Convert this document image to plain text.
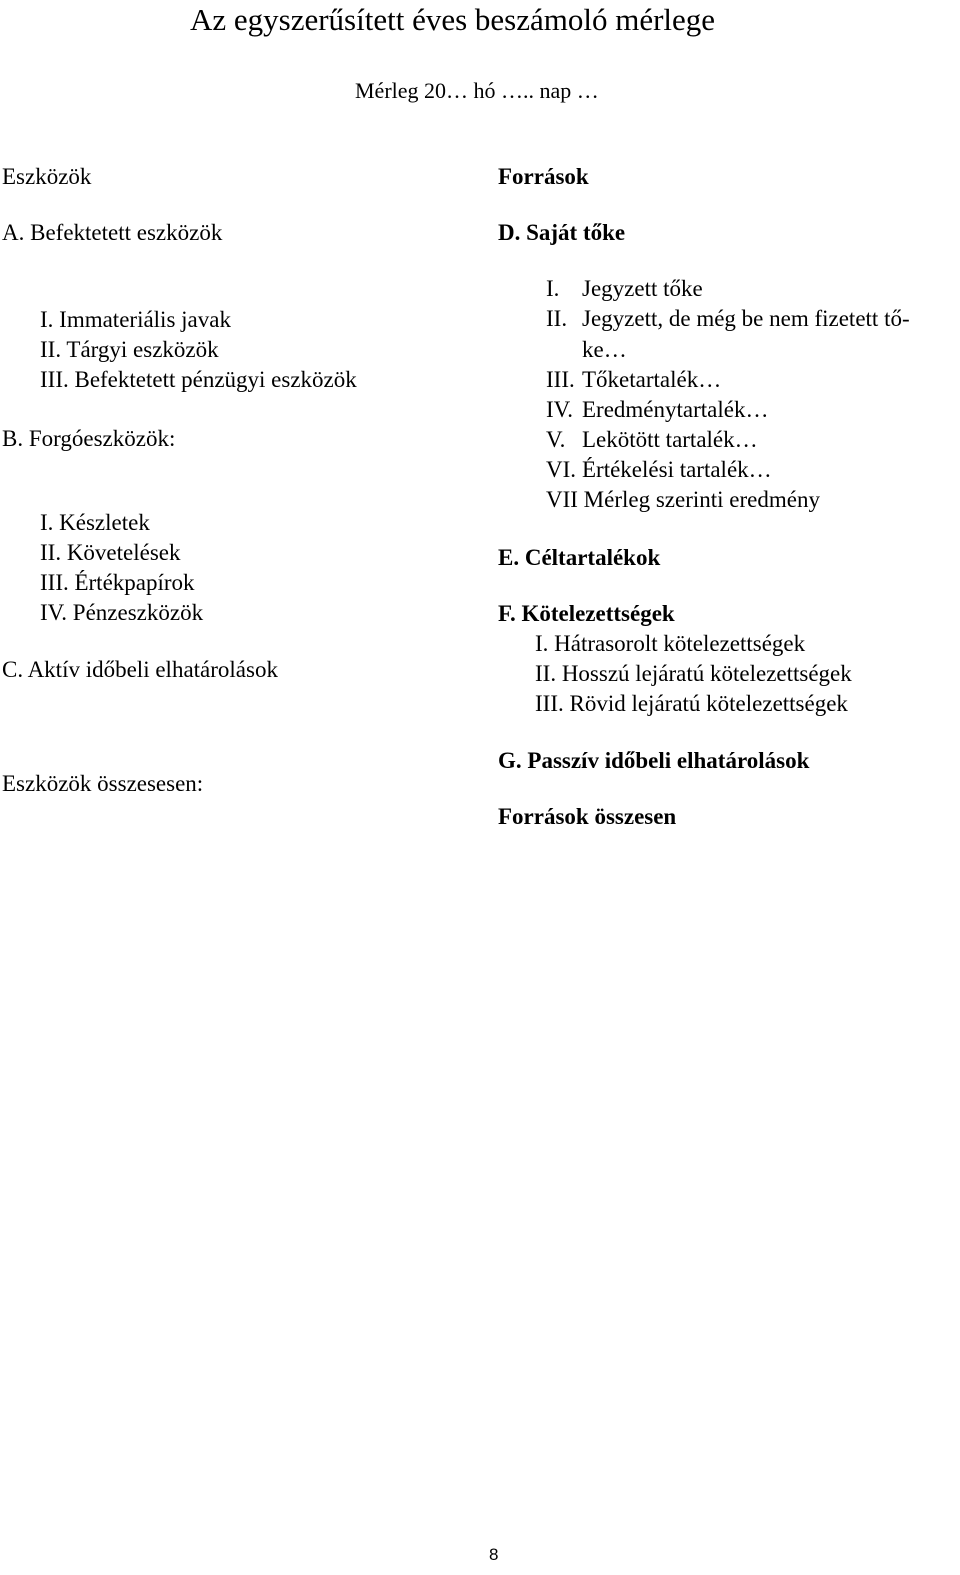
Az egyszerűsített éves beszámoló mérlege
Mérleg 20… hó ….. nap …
Eszközök
A. Befektetett eszközök
I. Immateriális javak
II. Tárgyi eszközök
III. Befektetett pénzügyi eszközök
B. Forgóeszközök:
I. Készletek
II. Követelések
III. Értékpapírok
IV. Pénzeszközök
C. Aktív időbeli elhatárolások
Eszközök összesesen:
Források
D. Saját tőke
I. Jegyzett tőke
II. Jegyzett, de még be nem fizetett tő-
ke…
III. Tőketartalék…
IV. Eredménytartalék…
V. Lekötött tartalék…
VI. Értékelési tartalék…
VII Mérleg szerinti eredmény
E. Céltartalékok
F. Kötelezettségek
I. Hátrasorolt kötelezettségek
II. Hosszú lejáratú kötelezettségek
III. Rövid lejáratú kötelezettségek
G. Passzív időbeli elhatárolások
Források összesen
8
